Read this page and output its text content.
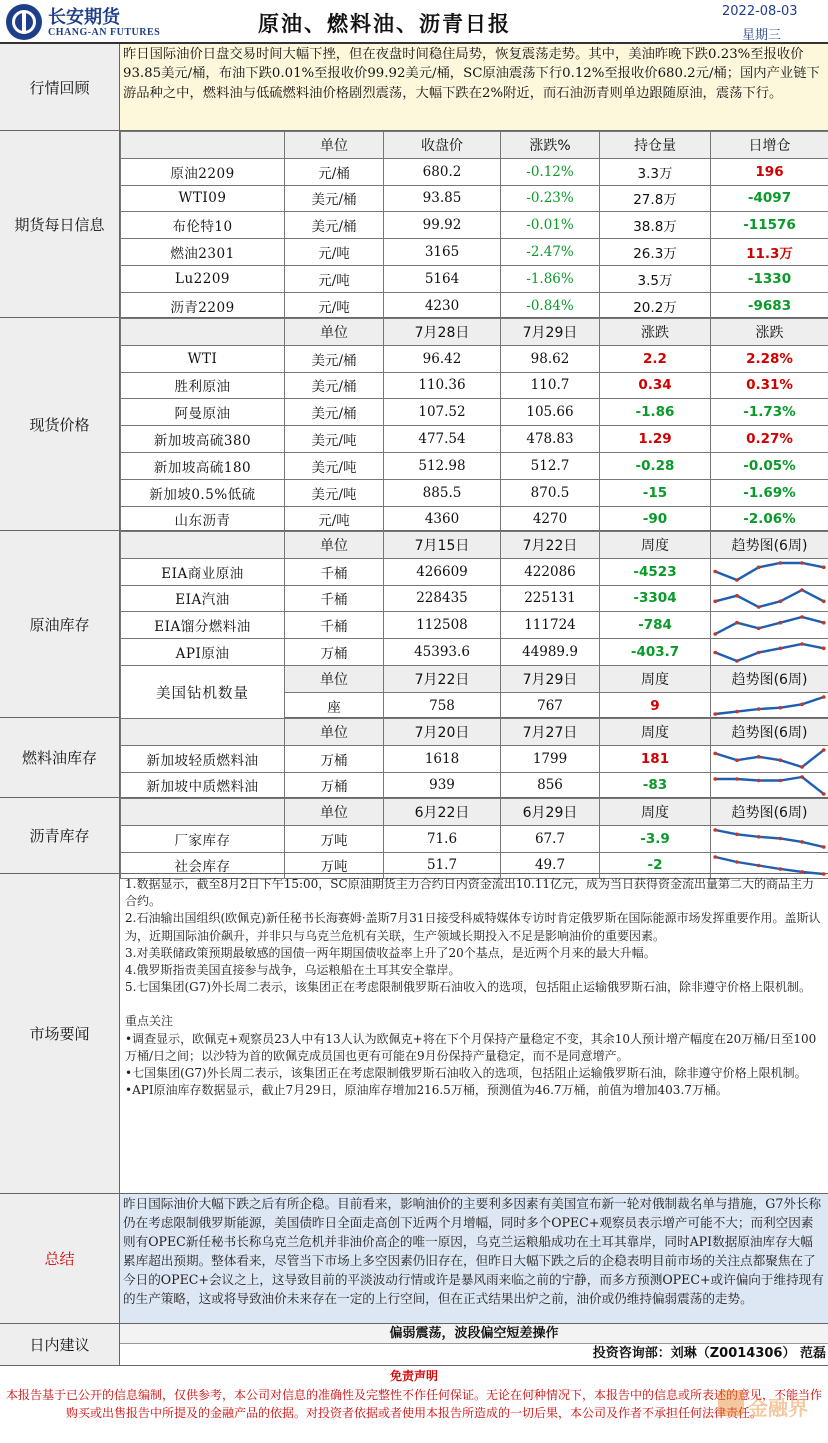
长安期货
CHANG-AN FUTURES	原油、燃料油、沥青日报
2022-08-03
星期三
行情回顾
昨日国际油价日盘交易时间大幅下挫，但在夜盘时间稳住局势，恢复震荡走势。其中，美油昨晚下跌0.23%至报收价93.85美元/桶，布油下跌0.01%至报收价99.92美元/桶，SC原油震荡下行0.12%至报收价680.2元/桶；国内产业链下游品种之中，燃料油与低硫燃料油价格剧烈震荡，大幅下跌在2%附近，而石油沥青则单边跟随原油，震荡下行。
期货每日信息
	单位	收盘价	涨跌%	持仓量	日增仓
原油2209	元/桶	680.2	-0.12%	3.3万	196
WTI09	美元/桶	93.85	-0.23%	27.8万	-4097
布伦特10	美元/桶	99.92	-0.01%	38.8万	-11576
燃油2301	元/吨	3165	-2.47%	26.3万	11.3万
Lu2209	元/吨	5164	-1.86%	3.5万	-1330
沥青2209	元/吨	4230	-0.84%	20.2万	-9683
现货价格
	单位	7月28日	7月29日	涨跌	涨跌
WTI	美元/桶	96.42	98.62	2.2	2.28%
胜利原油	美元/桶	110.36	110.7	0.34	0.31%
阿曼原油	美元/桶	107.52	105.66	-1.86	-1.73%
新加坡高硫380	美元/吨	477.54	478.83	1.29	0.27%
新加坡高硫180	美元/吨	512.98	512.7	-0.28	-0.05%
新加坡0.5%低硫	美元/吨	885.5	870.5	-15	-1.69%
山东沥青	元/吨	4360	4270	-90	-2.06%
原油库存
	单位	7月15日	7月22日	周度	趋势图(6周)
EIA商业原油	千桶	426609	422086	-4523	

EIA汽油	千桶	228435	225131	-3304	

EIA馏分燃料油	千桶	112508	111724	-784	

API原油	万桶	45393.6	44989.9	-403.7	

美国钻机数量	单位	7月22日	7月29日	周度	趋势图(6周)
	座	758	767	9	
燃料油库存
	单位	7月20日	7月27日	周度	趋势图(6周)
新加坡轻质燃料油	万桶	1618	1799	181	

新加坡中质燃料油	万桶	939	856	-83	
沥青库存
	单位	6月22日	6月29日	周度	趋势图(6周)
厂家库存	万吨	71.6	67.7	-3.9	

社会库存	万吨	51.7	49.7	-2	
市场要闻

1.数据显示，截至8月2日下午15:00，SC原油期货主力合约日内资金流出10.11亿元，成为当日获得资金流出量第二大的商品主力合约。

2.石油输出国组织(欧佩克)新任秘书长海赛姆·盖斯7月31日接受科威特媒体专访时肯定俄罗斯在国际能源市场发挥重要作用。盖斯认为，近期国际油价飙升，并非只与乌克兰危机有关联，生产领域长期投入不足是影响油价的重要因素。

3.对美联储政策预期最敏感的国债一两年期国债收益率上升了20个基点，是近两个月来的最大升幅。

4.俄罗斯指责美国直接参与战争，乌运粮船在土耳其安全靠岸。

5.七国集团(G7)外长周二表示，该集团正在考虑限制俄罗斯石油收入的选项，包括阻止运输俄罗斯石油，除非遵守价格上限机制。

重点关注

•调查显示，欧佩克+观察员23人中有13人认为欧佩克+将在下个月保持产量稳定不变，其余10人预计增产幅度在20万桶/日至100万桶/日之间；以沙特为首的欧佩克成员国也更有可能在9月份保持产量稳定，而不是同意增产。

•七国集团(G7)外长周二表示，该集团正在考虑限制俄罗斯石油收入的选项，包括阻止运输俄罗斯石油，除非遵守价格上限机制。

•API原油库存数据显示，截止7月29日，原油库存增加216.5万桶，预测值为46.7万桶，前值为增加403.7万桶。

总结
昨日国际油价大幅下跌之后有所企稳。目前看来，影响油价的主要利多因素有美国宣布新一轮对俄制裁名单与措施，G7外长称仍在考虑限制俄罗斯能源，美国债昨日全面走高创下近两个月增幅，同时多个OPEC+观察员表示增产可能不大；而利空因素则有OPEC新任秘书长称乌克兰危机并非油价高企的唯一原因，乌克兰运粮船成功在土耳其靠岸，同时API数据原油库存大幅累库超出预期。整体看来，尽管当下市场上多空因素仍旧存在，但昨日大幅下跌之后的企稳表明目前市场的关注点都聚焦在了今日的OPEC+会议之上，这导致目前的平淡波动行情或许是暴风雨来临之前的宁静，而多方预测OPEC+或许偏向于维持现有的生产策略，这或将导致油价未来存在一定的上行空间，但在正式结果出炉之前，油价或仍维持偏弱震荡的走势。
日内建议
偏弱震荡，波段偏空短差操作
投资咨询部：刘琳（Z0014306） 范磊
免责声明
本报告基于已公开的信息编制，仅供参考，本公司对信息的准确性及完整性不作任何保证。无论在何种情况下，本报告中的信息或所表述的意见，不能当作购买或出售报告中所提及的金融产品的依据。对投资者依据或者使用本报告所造成的一切后果，本公司及作者不承担任何法律责任。
金融界
